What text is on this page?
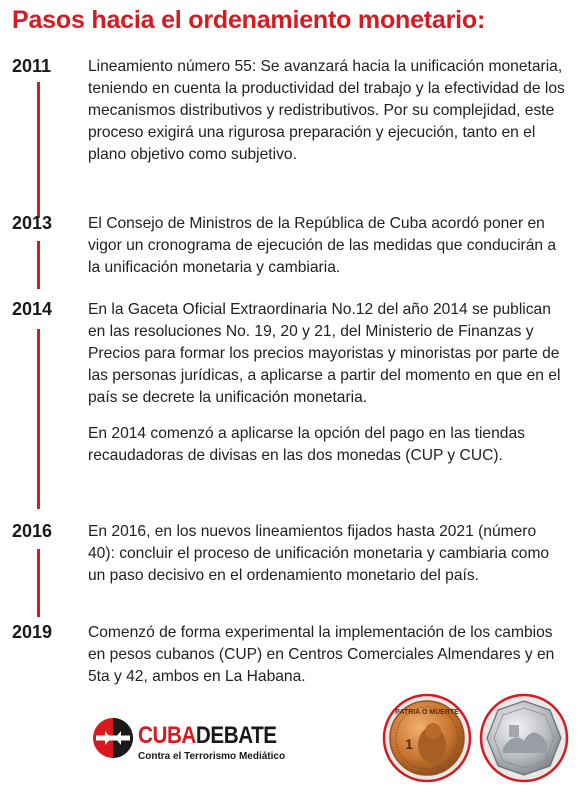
Pasos hacia el ordenamiento monetario:
2011 Lineamiento número 55: Se avanzará hacia la unificación monetaria, teniendo en cuenta la productividad del trabajo y la efectividad de los mecanismos distributivos y redistributivos. Por su complejidad, este proceso exigirá una rigurosa preparación y ejecución, tanto en el plano objetivo como subjetivo.

2013 El Consejo de Ministros de la República de Cuba acordó poner en vigor un cronograma de ejecución de las medidas que conducirán a la unificación monetaria y cambiaria.

2014 En la Gaceta Oficial Extraordinaria No.12 del año 2014 se publican en las resoluciones No. 19, 20 y 21, del Ministerio de Finanzas y Precios para formar los precios mayoristas y minoristas por parte de las personas jurídicas, a aplicarse a partir del momento en que en el país se decrete la unificación monetaria.

En 2014 comenzó a aplicarse la opción del pago en las tiendas recaudadoras de divisas en las dos monedas (CUP y CUC).

2016 En 2016, en los nuevos lineamientos fijados hasta 2021 (número 40): concluir el proceso de unificación monetaria y cambiaria como un paso decisivo en el ordenamiento monetario del país.

2019 Comenzó de forma experimental la implementación de los cambios en pesos cubanos (CUP) en Centros Comerciales Almendares y en 5ta y 42, ambos en La Habana.

CUBADEBATE
Contra el Terrorismo Mediático
PATRIA O MUERTE
1
